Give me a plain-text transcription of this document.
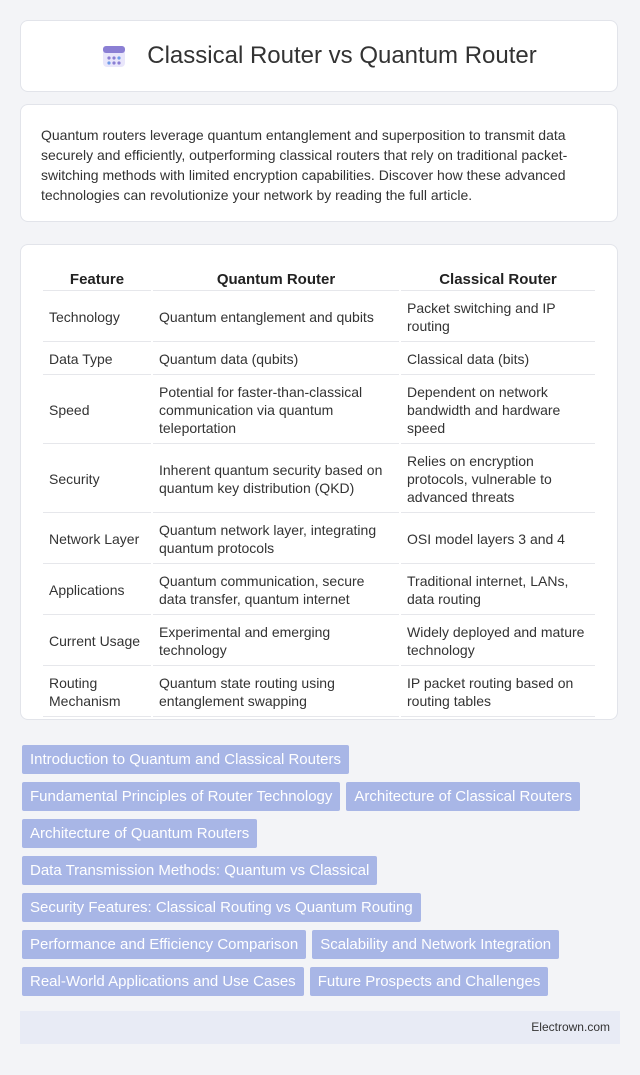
Classical Router vs Quantum Router

Quantum routers leverage quantum entanglement and superposition to transmit data securely and efficiently, outperforming classical routers that rely on traditional packet-switching methods with limited encryption capabilities. Discover how these advanced technologies can revolutionize your network by reading the full article.

Feature	Quantum Router	Classical Router
Technology	Quantum entanglement and qubits	Packet switching and IP routing
Data Type	Quantum data (qubits)	Classical data (bits)
Speed	Potential for faster-than-classical communication via quantum teleportation	Dependent on network bandwidth and hardware speed
Security	Inherent quantum security based on quantum key distribution (QKD)	Relies on encryption protocols, vulnerable to advanced threats
Network Layer	Quantum network layer, integrating quantum protocols	OSI model layers 3 and 4
Applications	Quantum communication, secure data transfer, quantum internet	Traditional internet, LANs, data routing
Current Usage	Experimental and emerging technology	Widely deployed and mature technology
Routing Mechanism	Quantum state routing using entanglement swapping	IP packet routing based on routing tables
Introduction to Quantum and Classical Routers
Fundamental Principles of Router Technology	Architecture of Classical Routers
Architecture of Quantum Routers
Data Transmission Methods: Quantum vs Classical
Security Features: Classical Routing vs Quantum Routing
Performance and Efficiency Comparison	Scalability and Network Integration
Real-World Applications and Use Cases	Future Prospects and Challenges
Electrown.com
